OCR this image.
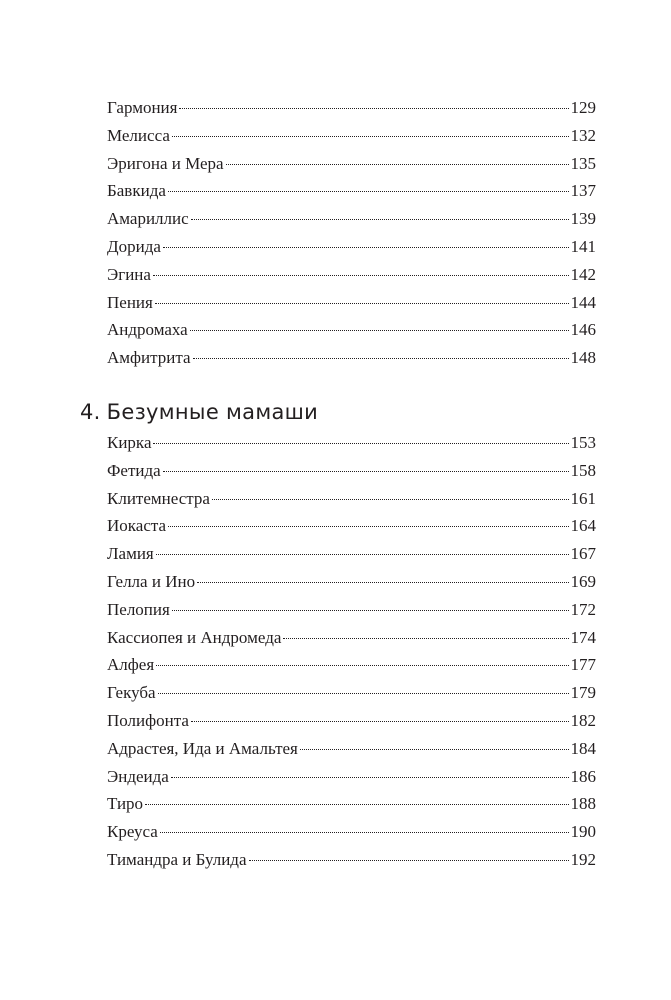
Гармония	129
Мелисса	132
Эригона и Мера	135
Бавкида	137
Амариллис	139
Дорида	141
Эгина	142
Пения	144
Андромаха	146
Амфитрита	148
4. Безумные мамаши
Кирка	153
Фетида	158
Клитемнестра	161
Иокаста	164
Ламия	167
Гелла и Ино	169
Пелопия	172
Кассиопея и Андромеда	174
Алфея	177
Гекуба	179
Полифонта	182
Адрастея, Ида и Амальтея	184
Эндеида	186
Тиро	188
Креуса	190
Тимандра и Булида	192
